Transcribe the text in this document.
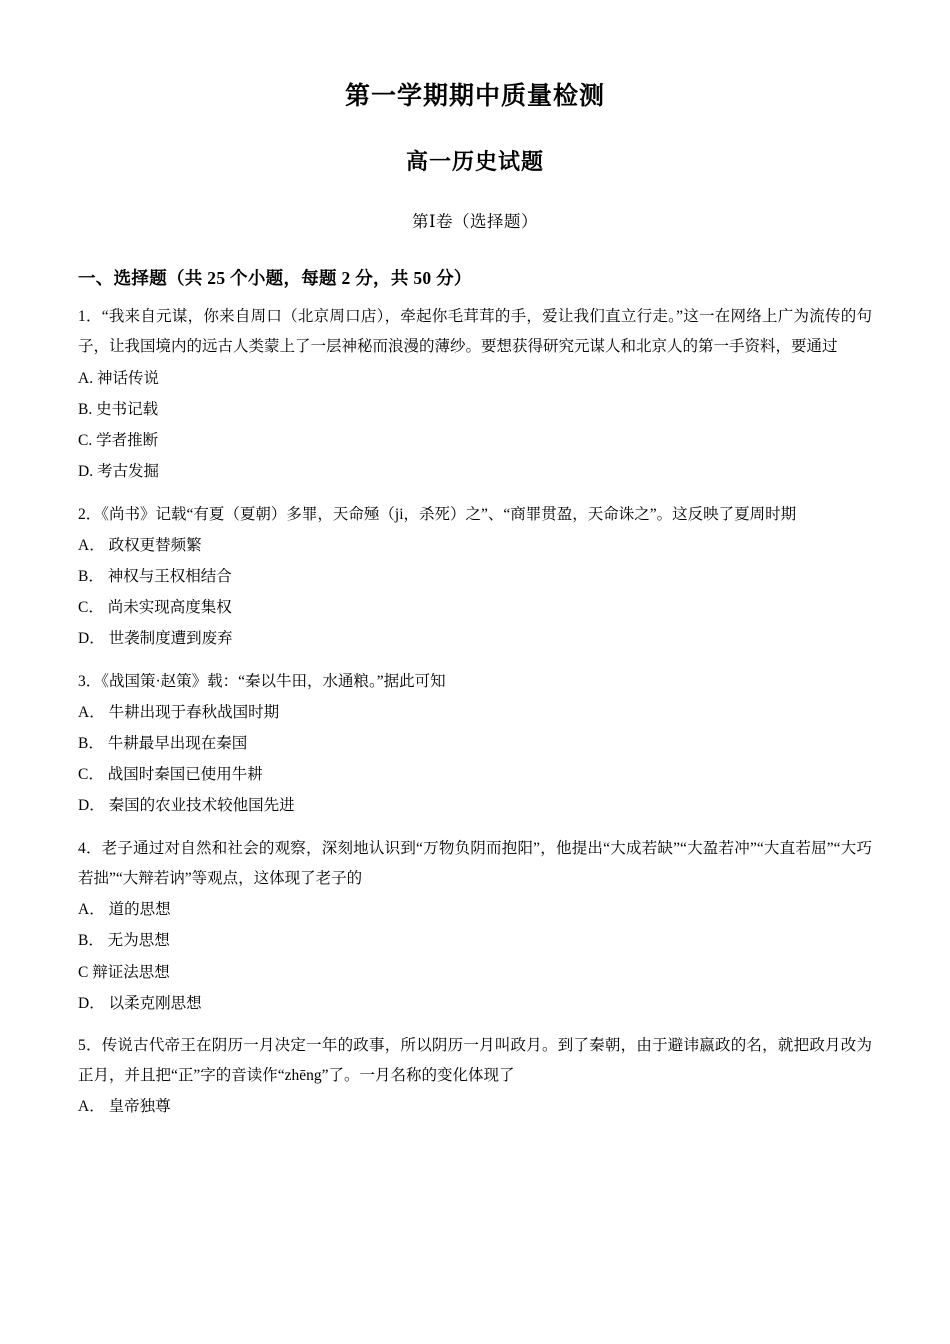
第一学期期中质量检测
高一历史试题
第Ⅰ卷（选择题）
一、选择题（共 25 个小题，每题 2 分，共 50 分）
1．“我来自元谋，你来自周口（北京周口店），牵起你毛茸茸的手，爱让我们直立行走。”这一在网络上广为流传的句子，让我国境内的远古人类蒙上了一层神秘而浪漫的薄纱。要想获得研究元谋人和北京人的第一手资料，要通过
A. 神话传说
B. 史书记载
C. 学者推断
D. 考古发掘
2．《尚书》记载“有夏（夏朝）多罪，天命殛（ji，杀死）之”、“商罪贯盈，天命诛之”。这反映了夏周时期
A． 政权更替频繁
B． 神权与王权相结合
C． 尚未实现高度集权
D． 世袭制度遭到废弃
3．《战国策·赵策》载：“秦以牛田，水通粮。”据此可知
A． 牛耕出现于春秋战国时期
B． 牛耕最早出现在秦国
C． 战国时秦国已使用牛耕
D． 秦国的农业技术较他国先进
4．老子通过对自然和社会的观察，深刻地认识到“万物负阴而抱阳”，他提出“大成若缺”“大盈若冲”“大直若屈”“大巧若拙”“大辩若讷”等观点，这体现了老子的
A． 道的思想
B． 无为思想
C 辩证法思想
D． 以柔克刚思想
5．传说古代帝王在阴历一月决定一年的政事，所以阴历一月叫政月。到了秦朝，由于避讳嬴政的名，就把政月改为正月，并且把“正”字的音读作“zhēng”了。一月名称的变化体现了
A． 皇帝独尊
